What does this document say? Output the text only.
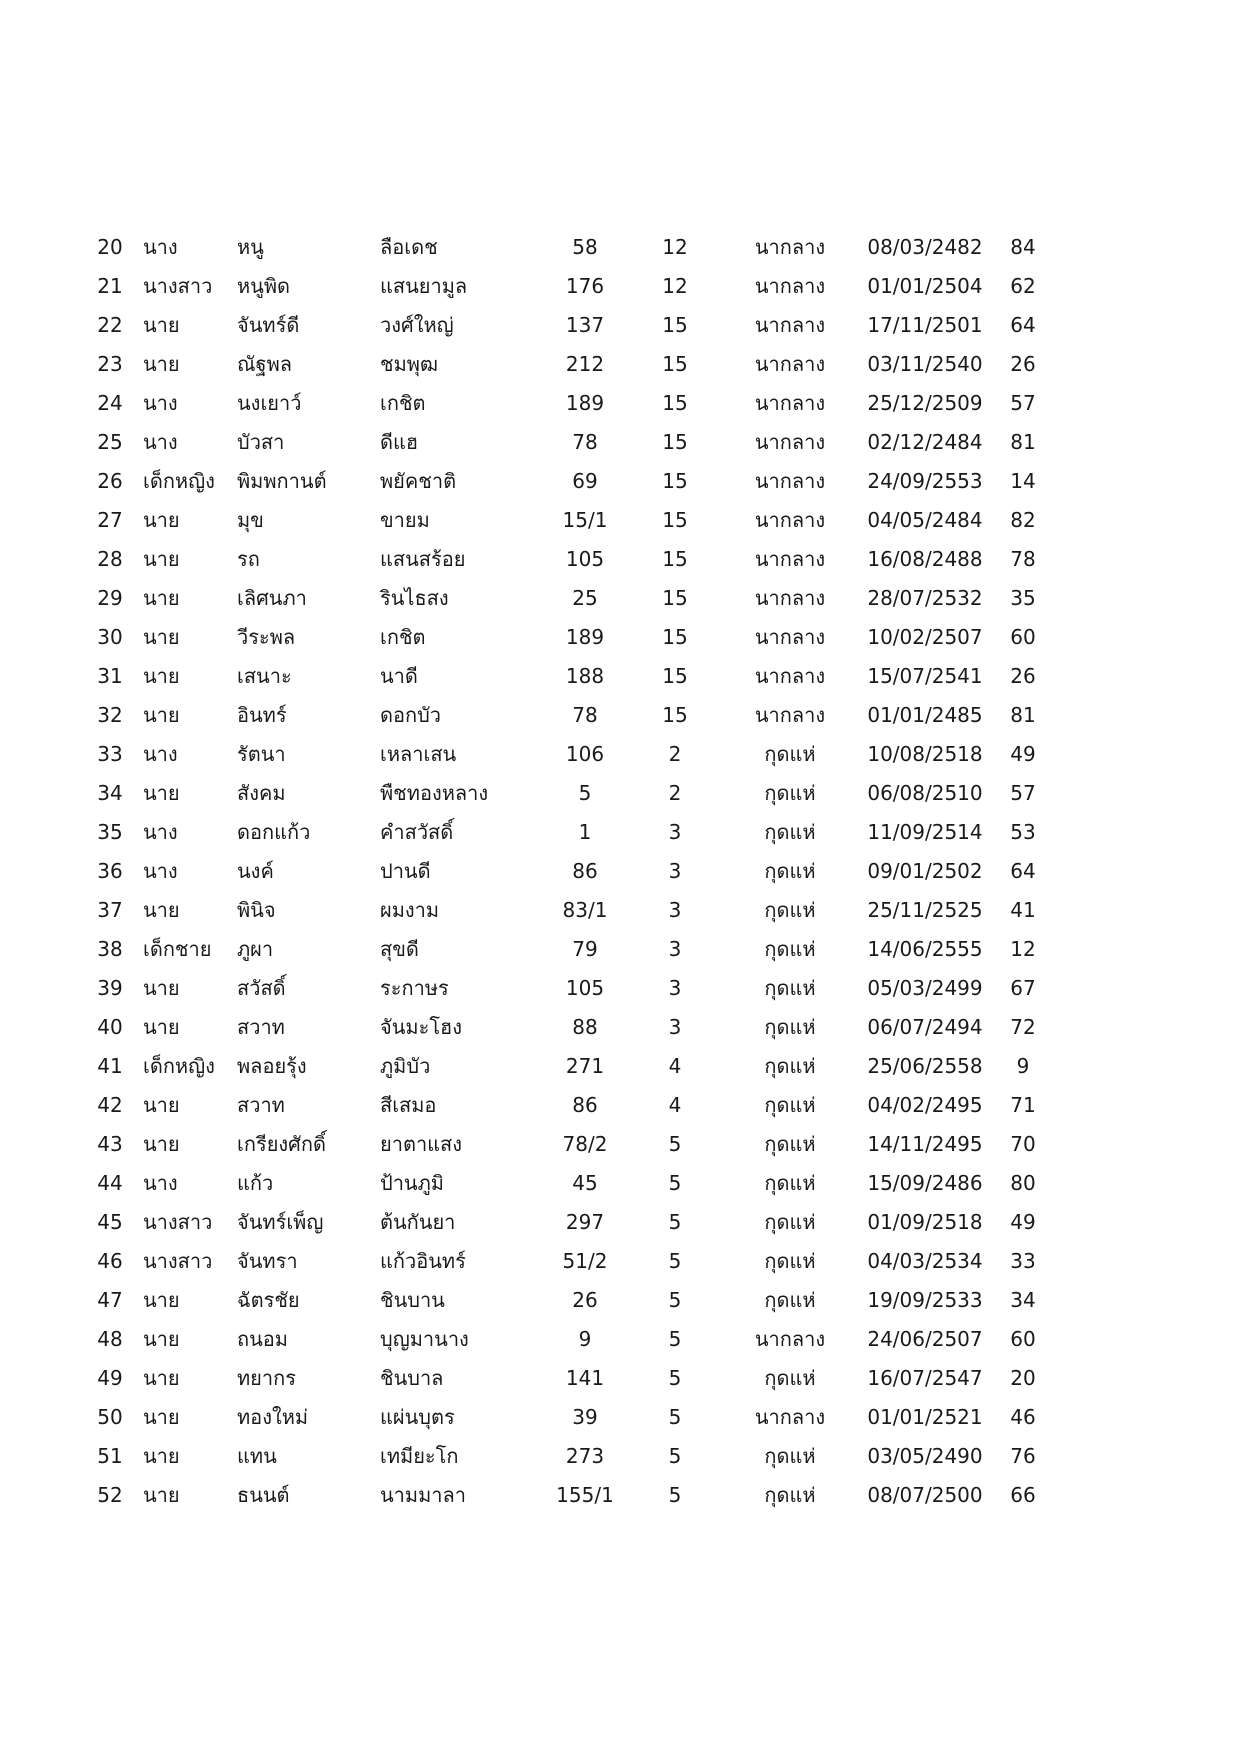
20	นาง	หนู	ลือเดช	58	12	นากลาง	08/03/2482	84
21	นางสาว	หนูพิด	แสนยามูล	176	12	นากลาง	01/01/2504	62
22	นาย	จันทร์ดี	วงศ์ใหญ่	137	15	นากลาง	17/11/2501	64
23	นาย	ณัฐพล	ชมพุฒ	212	15	นากลาง	03/11/2540	26
24	นาง	นงเยาว์	เกชิต	189	15	นากลาง	25/12/2509	57
25	นาง	บัวสา	ดีแฮ	78	15	นากลาง	02/12/2484	81
26	เด็กหญิง	พิมพกานต์	พยัคชาติ	69	15	นากลาง	24/09/2553	14
27	นาย	มุข	ขายม	15/1	15	นากลาง	04/05/2484	82
28	นาย	รถ	แสนสร้อย	105	15	นากลาง	16/08/2488	78
29	นาย	เลิศนภา	รินไธสง	25	15	นากลาง	28/07/2532	35
30	นาย	วีระพล	เกชิต	189	15	นากลาง	10/02/2507	60
31	นาย	เสนาะ	นาดี	188	15	นากลาง	15/07/2541	26
32	นาย	อินทร์	ดอกบัว	78	15	นากลาง	01/01/2485	81
33	นาง	รัตนา	เหลาเสน	106	2	กุดแห่	10/08/2518	49
34	นาย	สังคม	พืชทองหลาง	5	2	กุดแห่	06/08/2510	57
35	นาง	ดอกแก้ว	คำสวัสดิ์	1	3	กุดแห่	11/09/2514	53
36	นาง	นงค์	ปานดี	86	3	กุดแห่	09/01/2502	64
37	นาย	พินิจ	ผมงาม	83/1	3	กุดแห่	25/11/2525	41
38	เด็กชาย	ภูผา	สุขดี	79	3	กุดแห่	14/06/2555	12
39	นาย	สวัสดิ์	ระกาษร	105	3	กุดแห่	05/03/2499	67
40	นาย	สวาท	จันมะโฮง	88	3	กุดแห่	06/07/2494	72
41	เด็กหญิง	พลอยรุ้ง	ภูมิบัว	271	4	กุดแห่	25/06/2558	9
42	นาย	สวาท	สีเสมอ	86	4	กุดแห่	04/02/2495	71
43	นาย	เกรียงศักดิ์	ยาตาแสง	78/2	5	กุดแห่	14/11/2495	70
44	นาง	แก้ว	ป้านภูมิ	45	5	กุดแห่	15/09/2486	80
45	นางสาว	จันทร์เพ็ญ	ต้นกันยา	297	5	กุดแห่	01/09/2518	49
46	นางสาว	จันทรา	แก้วอินทร์	51/2	5	กุดแห่	04/03/2534	33
47	นาย	ฉัตรชัย	ชินบาน	26	5	กุดแห่	19/09/2533	34
48	นาย	ถนอม	บุญมานาง	9	5	นากลาง	24/06/2507	60
49	นาย	ทยากร	ชินบาล	141	5	กุดแห่	16/07/2547	20
50	นาย	ทองใหม่	แผ่นบุตร	39	5	นากลาง	01/01/2521	46
51	นาย	แทน	เทมียะโก	273	5	กุดแห่	03/05/2490	76
52	นาย	ธนนต์	นามมาลา	155/1	5	กุดแห่	08/07/2500	66
